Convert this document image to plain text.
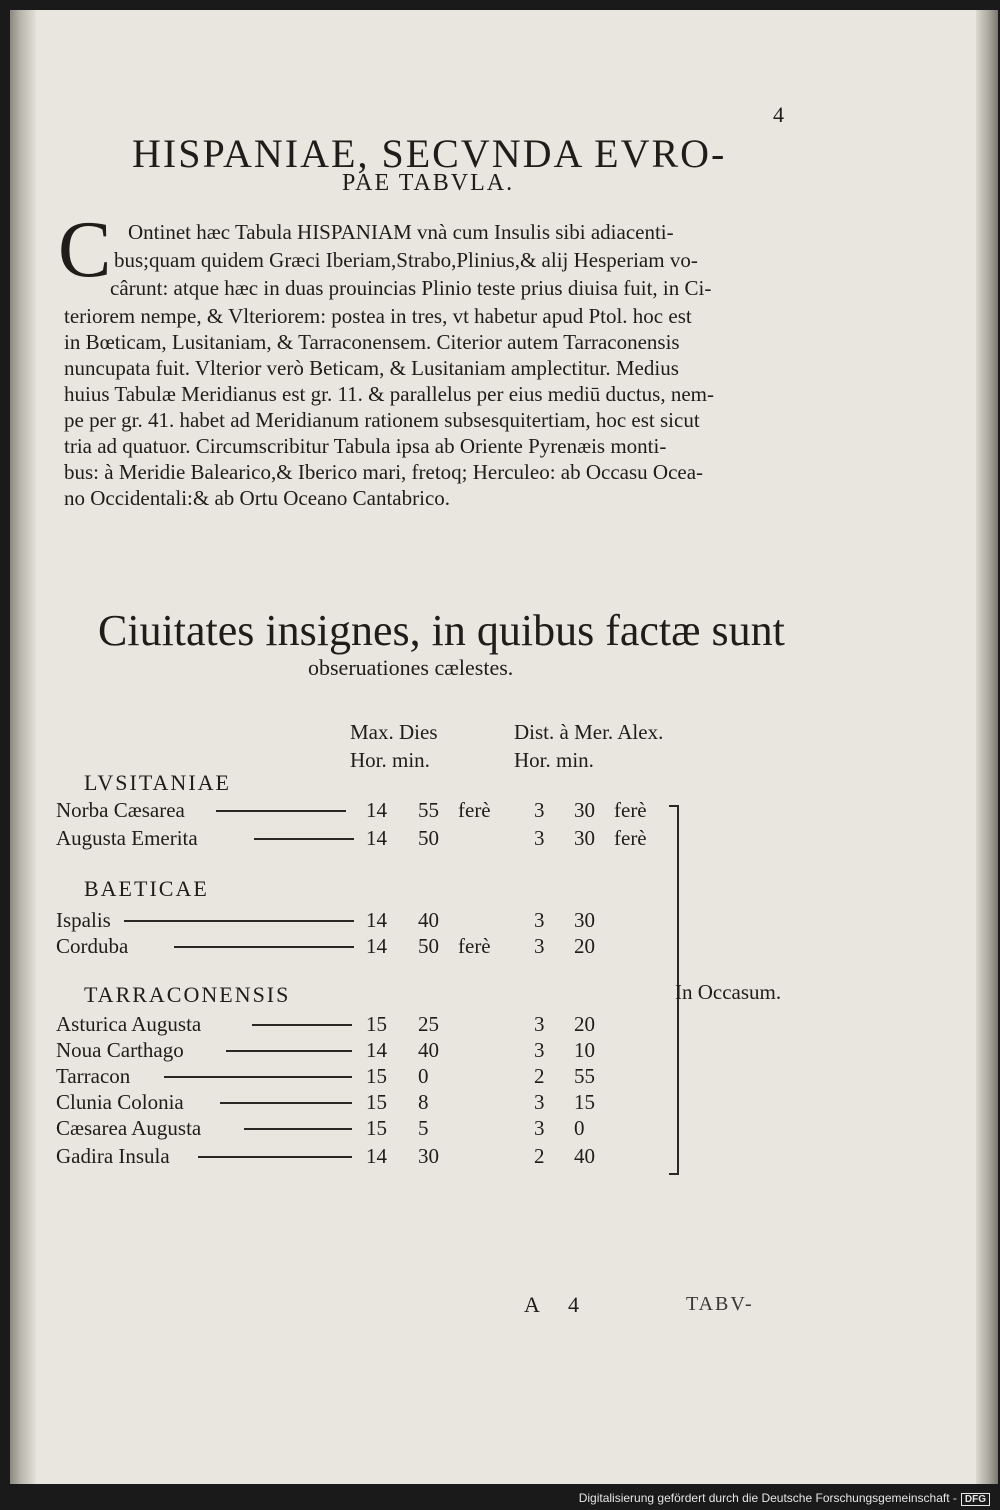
4
HISPANIAE, SECVNDA EVRO-
PAE TABVLA.
C Ontinet hæc Tabula HISPANIAM vnà cum Insulis sibi adiacenti-
bus;quam quidem Græci Iberiam,Strabo,Plinius,& alij Hesperiam vo-
cârunt: atque hæc in duas prouincias Plinio teste prius diuisa fuit, in Ci-
teriorem nempe, & Vlteriorem: postea in tres, vt habetur apud Ptol. hoc est
in Bœticam, Lusitaniam, & Tarraconensem. Citerior autem Tarraconensis
nuncupata fuit. Vlterior verò Beticam, & Lusitaniam amplectitur. Medius
huius Tabulæ Meridianus est gr. 11. & parallelus per eius mediū ductus, nem-
pe per gr. 41. habet ad Meridianum rationem subsesquitertiam, hoc est sicut
tria ad quatuor. Circumscribitur Tabula ipsa ab Oriente Pyrenæis monti-
bus: à Meridie Balearico,& Iberico mari, fretoq; Herculeo: ab Occasu Ocea-
no Occidentali:& ab Ortu Oceano Cantabrico.
Ciuitates insignes, in quibus factæ sunt
obseruationes cælestes.
Max. Dies
Hor. min.
Dist. à Mer. Alex.
Hor. min.
LVSITANIAE
Norba Cæsarea	14 55 ferè 3 30 ferè
Augusta Emerita	14 50	3 30 ferè
BAETICAE
Ispalis	14 40	3 30
Corduba	14 50 ferè 3 20
TARRACONENSIS
Asturica Augusta	15 25	3 20
Noua Carthago	14 40	3 10
Tarracon	15 0	2 55
Clunia Colonia	15 8	3 15
Cæsarea Augusta	15 5	3 0
Gadira Insula	14 30	2 40
In Occasum.
A 4	TABV-
Digitalisierung gefördert durch die Deutsche Forschungsgemeinschaft - DFG
